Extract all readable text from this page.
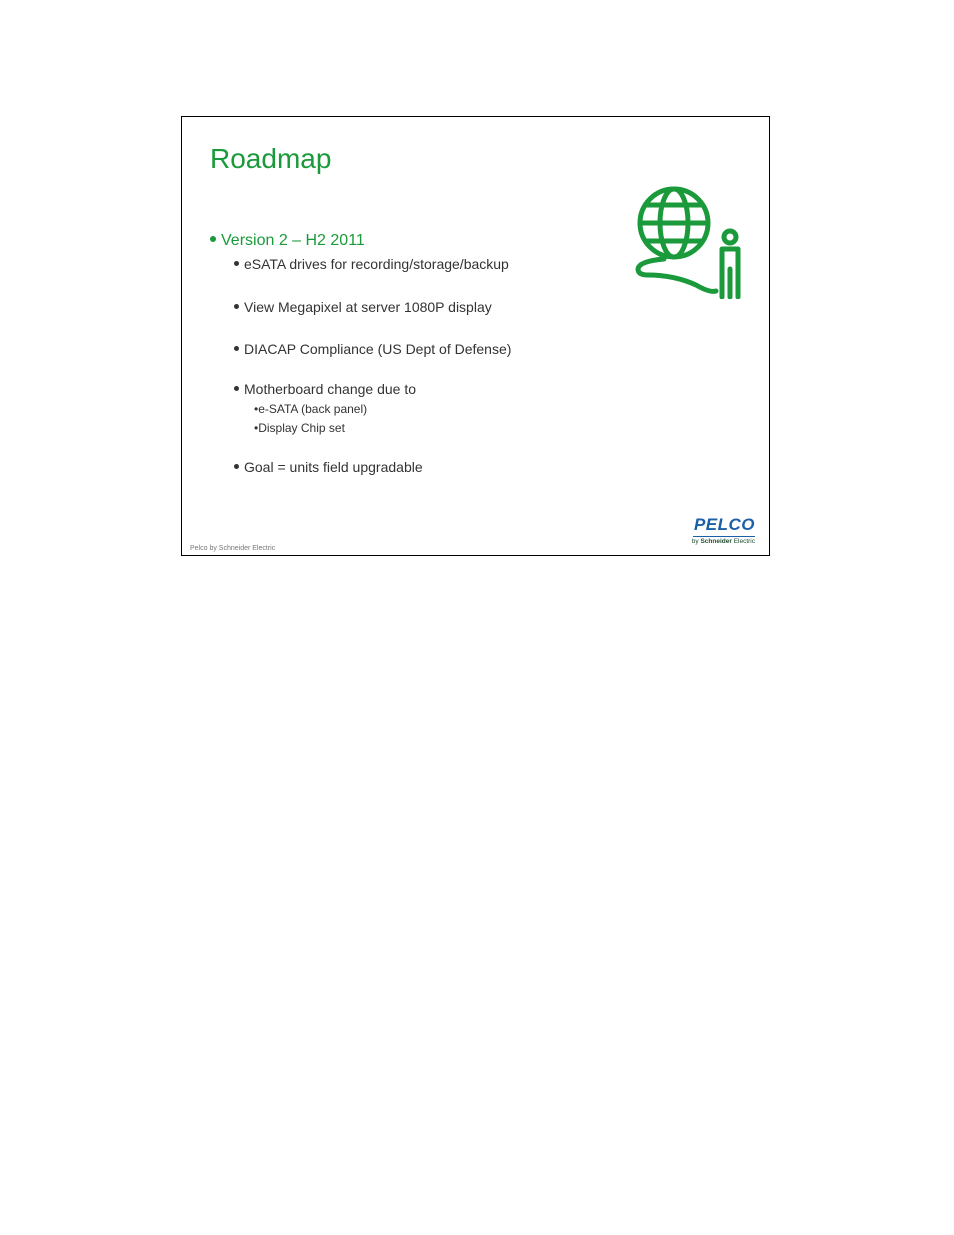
Roadmap
Version 2 – H2 2011
eSATA drives for recording/storage/backup
View Megapixel at server 1080P display
DIACAP Compliance (US Dept of Defense)
Motherboard change due to
•e-SATA (back panel)
•Display Chip set
Goal = units field upgradable
Pelco by Schneider Electric
PELCO
by Schneider Electric
